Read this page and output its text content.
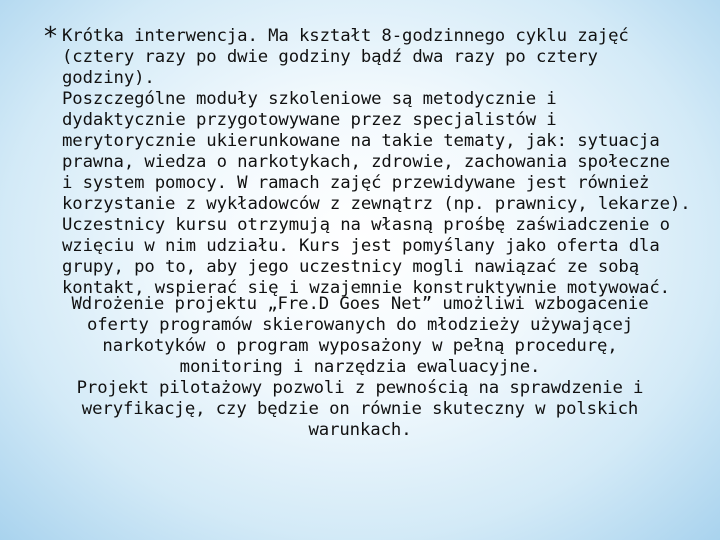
* Krótka interwencja. Ma kształt 8-godzinnego cyklu zajęć
(cztery razy po dwie godziny bądź dwa razy po cztery godziny).
Poszczególne moduły szkoleniowe są metodycznie i
dydaktycznie przygotowywane przez specjalistów i
merytorycznie ukierunkowane na takie tematy, jak: sytuacja
prawna, wiedza o narkotykach, zdrowie, zachowania społeczne
i system pomocy. W ramach zajęć przewidywane jest również
korzystanie z wykładowców z zewnątrz (np. prawnicy, lekarze).
Uczestnicy kursu otrzymują na własną prośbę zaświadczenie o
wzięciu w nim udziału. Kurs jest pomyślany jako oferta dla
grupy, po to, aby jego uczestnicy mogli nawiązać ze sobą
kontakt, wspierać się i wzajemnie konstruktywnie motywować.

Wdrożenie projektu „Fre.D Goes Net” umożliwi wzbogacenie
oferty programów skierowanych do młodzieży używającej
narkotyków o program wyposażony w pełną procedurę,
monitoring i narzędzia ewaluacyjne.

Projekt pilotażowy pozwoli z pewnością na sprawdzenie i
weryfikację, czy będzie on równie skuteczny w polskich
warunkach.
